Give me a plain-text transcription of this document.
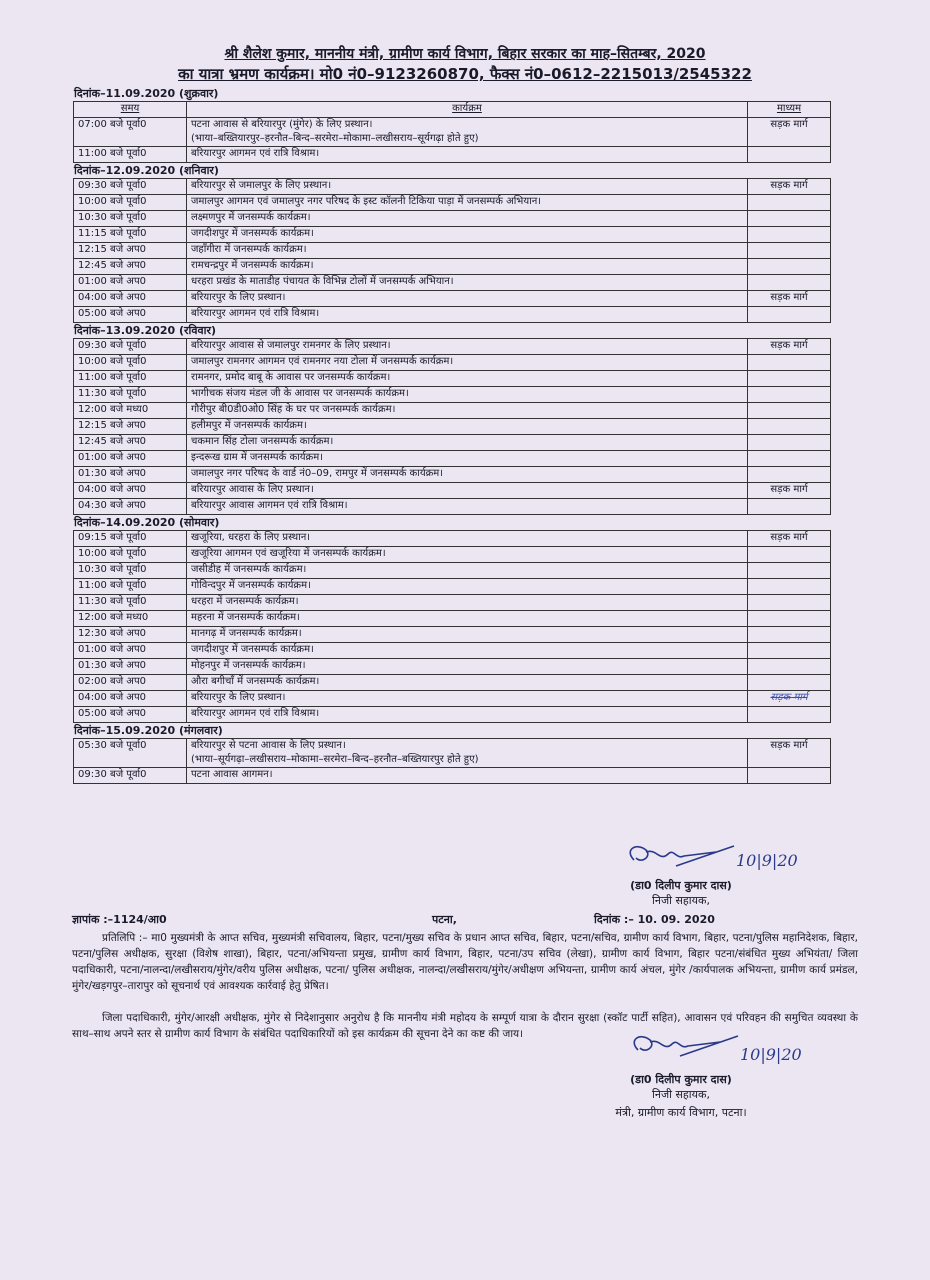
श्री शैलेश कुमार, माननीय मंत्री, ग्रामीण कार्य विभाग, बिहार सरकार का माह–सितम्बर, 2020
का यात्रा भ्रमण कार्यक्रम। मो0 नं0–9123260870, फैक्स नं0–0612–2215013/2545322
दिनांक–11.09.2020 (शुक्रवार)
समय	कार्यक्रम	माध्यम
07:00 बजे पूर्वा0	पटना आवास से बरियारपुर (मुंगेर) के लिए प्रस्थान।
(भाया–बख्तियारपुर–हरनौत–बिन्द–सरमेरा–मोकामा–लखीसराय–सूर्यगढ़ा होते हुए)	सड़क मार्ग
11:00 बजे पूर्वा0	बरियारपुर आगमन एवं रात्रि विश्राम।	
दिनांक–12.09.2020 (शनिवार)
09:30 बजे पूर्वा0	बरियारपुर से जमालपुर के लिए प्रस्थान।	सड़क मार्ग
10:00 बजे पूर्वा0	जमालपुर आगमन एवं जमालपुर नगर परिषद के इस्ट कॉलनी टिकिया पाड़ा में जनसम्पर्क अभियान।	
10:30 बजे पूर्वा0	लक्ष्मणपुर में जनसम्पर्क कार्यक्रम।	
11:15 बजे पूर्वा0	जगदीशपुर में जनसम्पर्क कार्यक्रम।	
12:15 बजे अप0	जहाँगीरा में जनसम्पर्क कार्यक्रम।	
12:45 बजे अप0	रामचन्द्रपुर में जनसम्पर्क कार्यक्रम।	
01:00 बजे अप0	धरहरा प्रखंड के माताडीह पंचायत के विभिन्न टोलों में जनसम्पर्क अभियान।	
04:00 बजे अप0	बरियारपुर के लिए प्रस्थान।	सड़क मार्ग
05:00 बजे अप0	बरियारपुर आगमन एवं रात्रि विश्राम।	
दिनांक–13.09.2020 (रविवार)
09:30 बजे पूर्वा0	बरियारपुर आवास से जमालपुर रामनगर के लिए प्रस्थान।	सड़क मार्ग
10:00 बजे पूर्वा0	जमालपुर रामनगर आगमन एवं रामनगर नया टोला में जनसम्पर्क कार्यक्रम।	
11:00 बजे पूर्वा0	रामनगर, प्रमोद बाबू के आवास पर जनसम्पर्क कार्यक्रम।	
11:30 बजे पूर्वा0	भागीचक संजय मंडल जी के आवास पर जनसम्पर्क कार्यक्रम।	
12:00 बजे मध्य0	गौरीपुर बी0डी0ओ0 सिंह के घर पर जनसम्पर्क कार्यक्रम।	
12:15 बजे अप0	हलीमपुर में जनसम्पर्क कार्यक्रम।	
12:45 बजे अप0	चकमान सिंह टोला जनसम्पर्क कार्यक्रम।	
01:00 बजे अप0	इन्दरूख ग्राम में जनसम्पर्क कार्यक्रम।	
01:30 बजे अप0	जमालपुर नगर परिषद के वार्ड नं0–09, रामपुर में जनसम्पर्क कार्यक्रम।	
04:00 बजे अप0	बरियारपुर आवास के लिए प्रस्थान।	सड़क मार्ग
04:30 बजे अप0	बरियारपुर आवास आगमन एवं रात्रि विश्राम।	
दिनांक–14.09.2020 (सोमवार)
09:15 बजे पूर्वा0	खजूरिया, धरहरा के लिए प्रस्थान।	सड़क मार्ग
10:00 बजे पूर्वा0	खजूरिया आगमन एवं खजूरिया में जनसम्पर्क कार्यक्रम।	
10:30 बजे पूर्वा0	जसीडीह में जनसम्पर्क कार्यक्रम।	
11:00 बजे पूर्वा0	गोविन्दपुर में जनसम्पर्क कार्यक्रम।	
11:30 बजे पूर्वा0	धरहरा में जनसम्पर्क कार्यक्रम।	
12:00 बजे मध्य0	महरना में जनसम्पर्क कार्यक्रम।	
12:30 बजे अप0	मानगढ़ में जनसम्पर्क कार्यक्रम।	
01:00 बजे अप0	जगदीशपुर में जनसम्पर्क कार्यक्रम।	
01:30 बजे अप0	मोहनपुर में जनसम्पर्क कार्यक्रम।	
02:00 बजे अप0	औरा बगीचाँ में जनसम्पर्क कार्यक्रम।	
04:00 बजे अप0	बरियारपुर के लिए प्रस्थान।	सड़क मार्ग
05:00 बजे अप0	बरियारपुर आगमन एवं रात्रि विश्राम।	
दिनांक–15.09.2020 (मंगलवार)
05:30 बजे पूर्वा0	बरियारपुर से पटना आवास के लिए प्रस्थान।
(भाया–सूर्यगढ़ा–लखीसराय–मोकामा–सरमेरा–बिन्द–हरनौत–बख्तियारपुर होते हुए)	सड़क मार्ग
09:30 बजे पूर्वा0	पटना आवास आगमन।	
10|9|20
(डा0 दिलीप कुमार दास)
निजी सहायक,
ज्ञापांक :–1124/आ0	पटना,	दिनांक :– 10. 09. 2020
प्रतिलिपि :– मा0 मुख्यमंत्री के आप्त सचिव, मुख्यमंत्री सचिवालय, बिहार, पटना/मुख्य सचिव के प्रधान आप्त सचिव, बिहार, पटना/सचिव, ग्रामीण कार्य विभाग, बिहार, पटना/पुलिस महानिदेशक, बिहार, पटना/पुलिस अधीक्षक, सुरक्षा (विशेष शाखा), बिहार, पटना/अभियन्ता प्रमुख, ग्रामीण कार्य विभाग, बिहार, पटना/उप सचिव (लेखा), ग्रामीण कार्य विभाग, बिहार पटना/संबंधित मुख्य अभियंता/ जिला पदाधिकारी, पटना/नालन्दा/लखीसराय/मुंगेर/वरीय पुलिस अधीक्षक, पटना/ पुलिस अधीक्षक, नालन्दा/लखीसराय/मुंगेर/अधीक्षण अभियन्ता, ग्रामीण कार्य अंचल, मुंगेर /कार्यपालक अभियन्ता, ग्रामीण कार्य प्रमंडल, मुंगेर/खड़गपुर–तारापुर को सूचनार्थ एवं आवश्यक कार्रवाई हेतु प्रेषित।
जिला पदाधिकारी, मुंगेर/आरक्षी अधीक्षक, मुंगेर से निदेशानुसार अनुरोध है कि माननीय मंत्री महोदय के सम्पूर्ण यात्रा के दौरान सुरक्षा (स्कॉट पार्टी सहित), आवासन एवं परिवहन की समुचित व्यवस्था के साथ–साथ अपने स्तर से ग्रामीण कार्य विभाग के संबंधित पदाधिकारियों को इस कार्यक्रम की सूचना देने का कष्ट की जाय।
10|9|20
(डा0 दिलीप कुमार दास)
निजी सहायक,
मंत्री, ग्रामीण कार्य विभाग, पटना।
